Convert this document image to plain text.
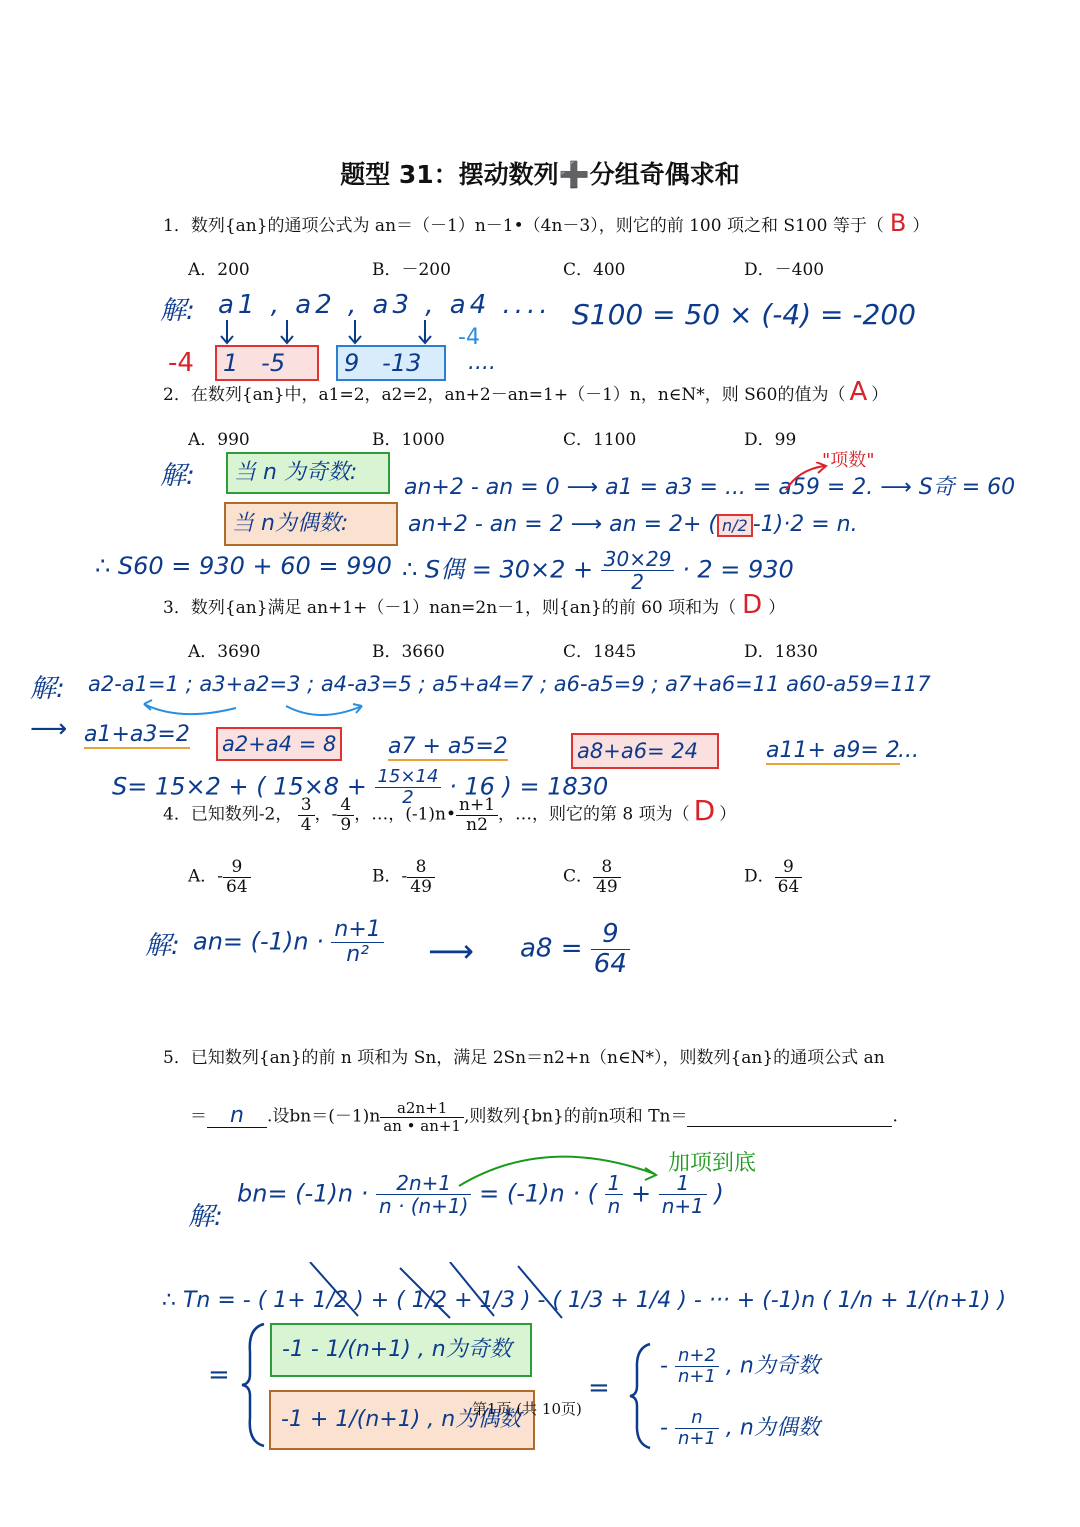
题型 31：摆动数列➕分组奇偶求和
1．数列{an}的通项公式为 an＝（－1）n－1•（4n－3），则它的前 100 项之和 S100 等于（ B ）
A．200	B．－200	C．400	D．－400
解: a1 , a2 , a3 , a4 ....
-4	1   -5	9   -13
-4
....
S100 = 50 × (-4) = -200
2．在数列{an}中，a1=2，a2=2，an+2－an=1+（－1）n，n∈N*，则 S60的值为（ A ）
A．990	B．1000	C．1100	D．99
解:	当 n 为奇数:
当 n为偶数:
an+2 - an = 0 ⟶ a1 = a3 = ... = a59 = 2. ⟶ S奇 = 60
"项数"
an+2 - an = 2 ⟶ an = 2+ ( n/2 -1)·2 = n.
∴ S60 = 930 + 60 = 990 ∴ S偶 = $30\times 2 + \frac{30\times 29}{2} \cdot 2 = 930$
3．数列{an}满足 an+1+（－1）nan=2n－1，则{an}的前 60 项和为（ D ）
A．3690	B．3660	C．1845	D．1830
解: a2-a1=1 ; a3+a2=3 ; a4-a3=5 ; a5+a4=7 ; a6-a5=9 ; a7+a6=11 a60-a59=117
⟶ a1+a3=2 a2+a4 = 8 a7 + a5=2	a8+a6= 24	a11+ a9= 2
...
S= 15×2 + ( $15\times 8 + \frac{15\times 14}{2} \cdot 16$ ) = 1830
4．已知数列-2， $\frac{3}{4}$ ，- $\frac{4}{9}$ ，…，(-1)n• $\frac{n+1}{n2}$ ，…，则它的第 8 项为（ D ）
A．- $\frac{9}{64}$	B．- $\frac{8}{49}$	C． $\frac{8}{49}$	D． $\frac{9}{64}$
解: $an= (-1)n \cdot \frac{n+1}{\text{n²}}$ ⟶ $a8 = \frac{9}{64}$
5．已知数列{an}的前 n 项和为 Sn，满足 2Sn＝n2+n（n∈N*），则数列{an}的通项公式 an
＝ n .设$bn=(-1)n \frac{a2n+1}{an • an+1}$ ,则数列{bn}的前n项和 Tn＝	.
加项到底
解:
$bn= (-1)n \cdot \frac{2n+1}{n \cdot (n+1)} = (-1)n$ · ( $\frac{1}{n} + \frac{1}{n+1}$ )
∴ Tn = - ( 1+ 1/2 ) + ( 1/2 + 1/3 ) - ( 1/3 + 1/4 ) - ··· + (-1)n ( 1/n + 1/(n+1) )
=
-1 - 1/(n+1) , n为奇数
-1 + 1/(n+1) , n为偶数
=
- $\frac{n+2}{n+1}$ , n为奇数
- $\frac{n}{n+1}$ , n为偶数
第1页 (共 10页)
